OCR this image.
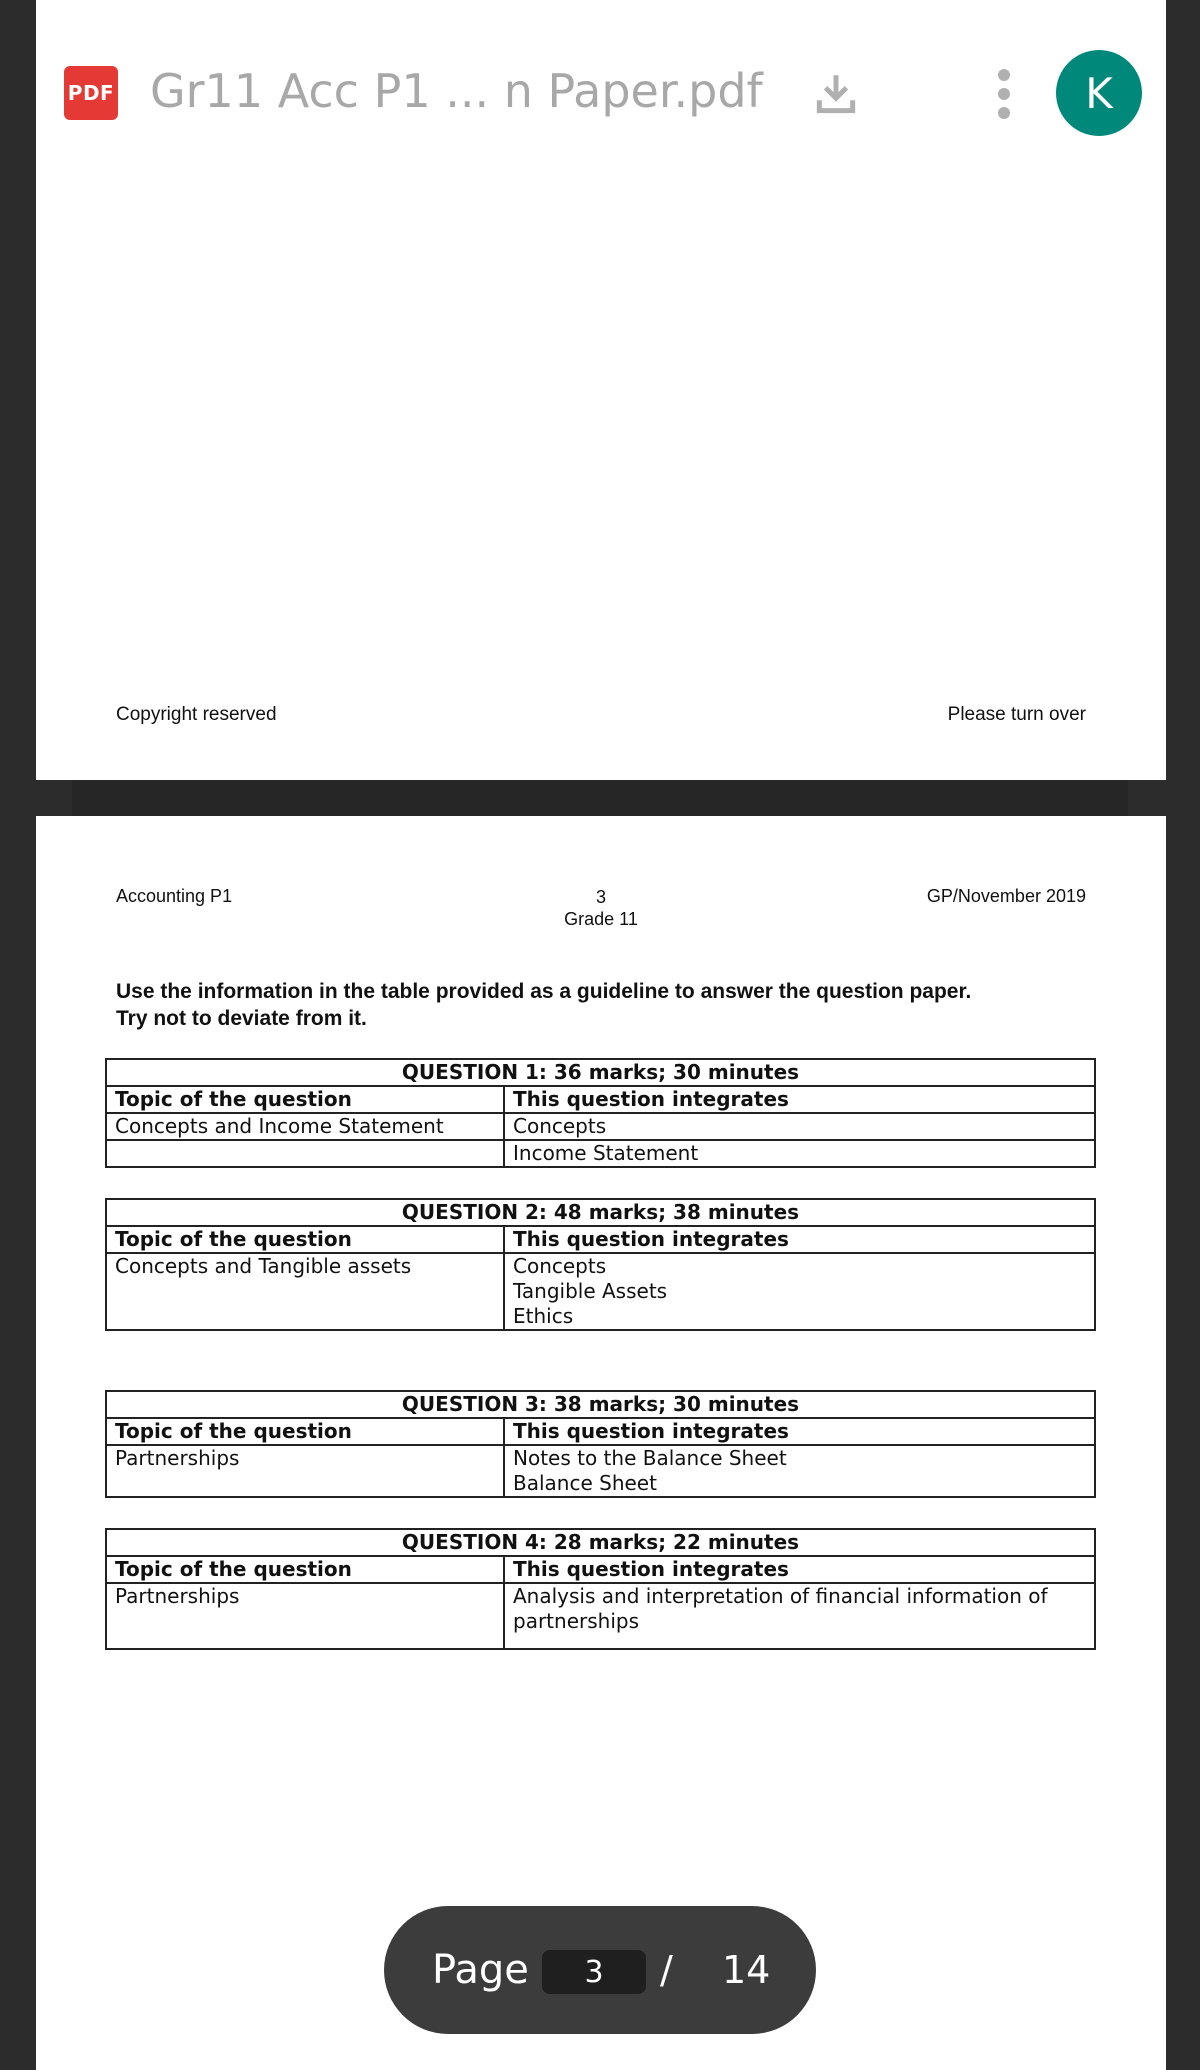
Copyright reserved	Please turn over
PDF Gr11 Acc P1 ... n Paper.pdf	K
Accounting P1	3
Grade 11
GP/November 2019
Use the information in the table provided as a guideline to answer the question paper.
Try not to deviate from it.
QUESTION 1: 36 marks; 30 minutes	
Topic of the question	This question integrates
Concepts and Income Statement	Concepts
	Income Statement
QUESTION 2: 48 marks; 38 minutes	
Topic of the question	This question integrates
Concepts and Tangible assets	Concepts
Tangible Assets
Ethics
QUESTION 3: 38 marks; 30 minutes	
Topic of the question	This question integrates
Partnerships	Notes to the Balance Sheet
Balance Sheet
QUESTION 4: 28 marks; 22 minutes	
Topic of the question	This question integrates
Partnerships	Analysis and interpretation of financial information of
partnerships
Page
3	/ 14
